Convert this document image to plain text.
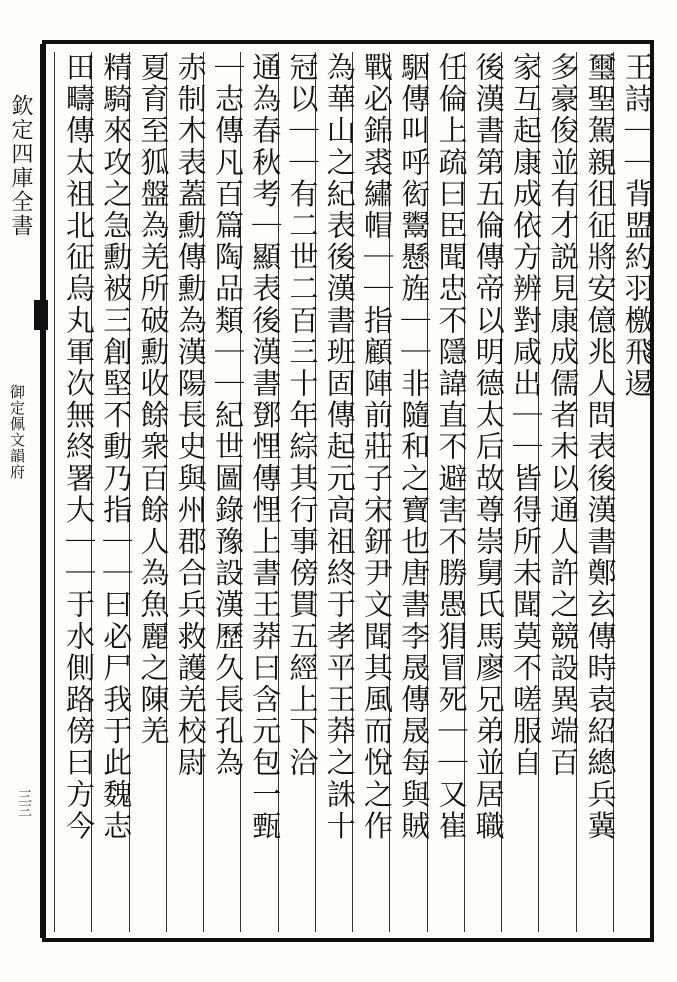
欽定四庫全書
御定佩文韻府
三三
王詩｜｜背盟約羽檄飛逷
璽聖駕親徂征將安億兆人問表後漢書鄭玄傳時袁紹總兵冀
多豪俊並有才説見康成儒者未以通人許之競設異端百
家互起康成依方辨對咸出｜｜皆得所未聞莫不嗟服自
後漢書第五倫傳帝以明德太后故尊崇舅氏馬廖兄弟並居職
任倫上疏曰臣聞忠不隱諱直不避害不勝愚狷冒死｜｜又崔
駰傳叫呼衒鬻懸旌｜｜非隨和之寶也唐書李晟傳晟每與賊
戰必錦裘繡帽｜｜指顧陣前莊子宋鈃尹文聞其風而悅之作
為華山之紀表後漢書班固傳起元高祖終于孝平王莽之誅十
冠以｜｜有二世二百三十年綜其行事傍貫五經上下洽
通為春秋考｜顯表後漢書鄧悝傳悝上書王莽曰含元包一甄
｜志傳凡百篇陶品類｜｜紀世圖錄豫設漢歷久長孔為
赤制木表蓋勳傳勳為漢陽長史與州郡合兵救護羌校尉
夏育至狐盤為羌所破勳收餘衆百餘人為魚麗之陳羌
精騎來攻之急勳被三創堅不動乃指｜｜曰必尸我于此魏志
田疇傳太祖北征烏丸軍次無終署大｜｜于水側路傍曰方今
